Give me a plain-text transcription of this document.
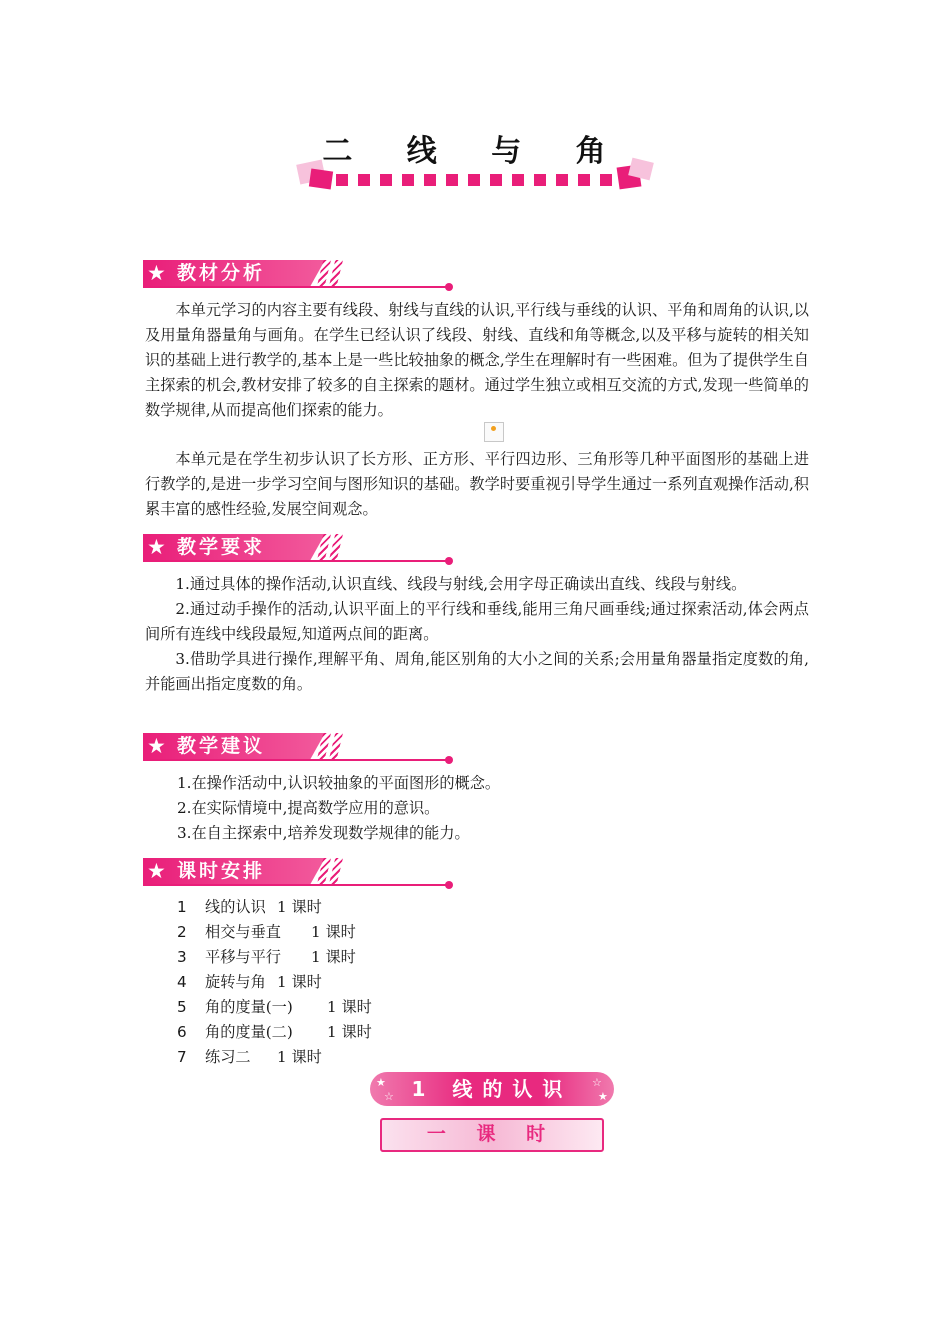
二 线 与 角
★ 教材分析

本单元学习的内容主要有线段、射线与直线的认识,平行线与垂线的认识、平角和周角的认识,以及用量角器量角与画角。在学生已经认识了线段、射线、直线和角等概念,以及平移与旋转的相关知识的基础上进行教学的,基本上是一些比较抽象的概念,学生在理解时有一些困难。但为了提供学生自主探索的机会,教材安排了较多的自主探索的题材。通过学生独立或相互交流的方式,发现一些简单的数学规律,从而提高他们探索的能力。

本单元是在学生初步认识了长方形、正方形、平行四边形、三角形等几种平面图形的基础上进行教学的,是进一步学习空间与图形知识的基础。教学时要重视引导学生通过一系列直观操作活动,积累丰富的感性经验,发展空间观念。

★ 教学要求

1.通过具体的操作活动,认识直线、线段与射线,会用字母正确读出直线、线段与射线。

2.通过动手操作的活动,认识平面上的平行线和垂线,能用三角尺画垂线;通过探索活动,体会两点间所有连线中线段最短,知道两点间的距离。

3.借助学具进行操作,理解平角、周角,能区别角的大小之间的关系;会用量角器量指定度数的角,并能画出指定度数的角。

★ 教学建议
1.在操作活动中,认识较抽象的平面图形的概念。
2.在实际情境中,提高数学应用的意识。
3.在自主探索中,培养发现数学规律的能力。
★ 课时安排
1 线的认识 1 课时
2 相交与垂直 1 课时
3 平移与平行 1 课时
4 旋转与角 1 课时
5 角的度量(一) 1 课时
6 角的度量(二) 1 课时
7 练习二 1 课时
★
☆
☆
★
1 线的认识
一 课 时
